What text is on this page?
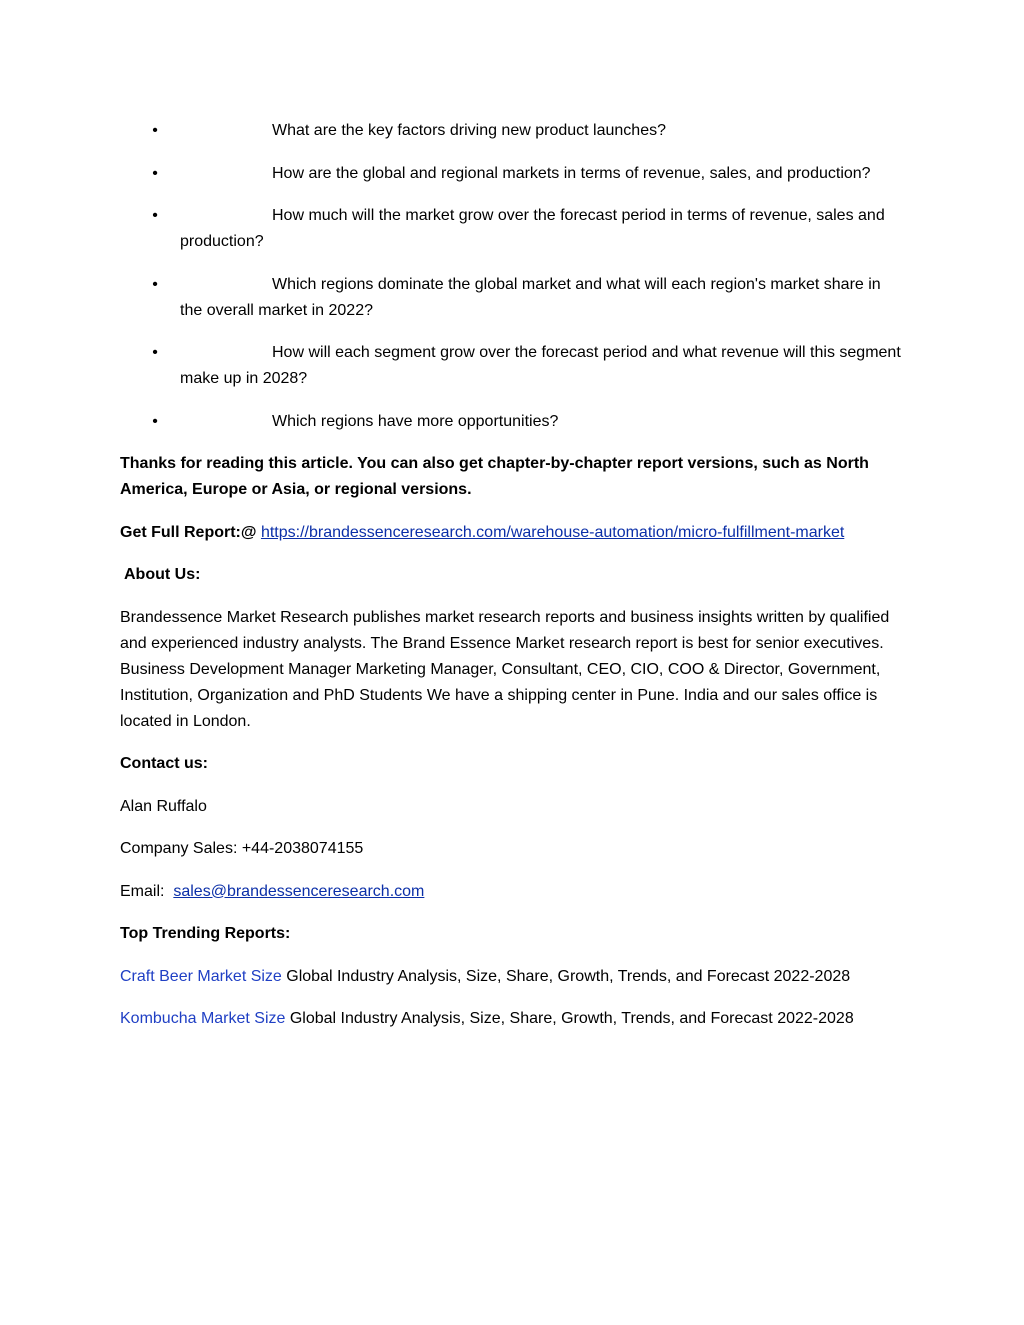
•	What are the key factors driving new product launches?
•	How are the global and regional markets in terms of revenue, sales, and production?
•	How much will the market grow over the forecast period in terms of revenue, sales and production?
•	Which regions dominate the global market and what will each region's market share in the overall market in 2022?
•	How will each segment grow over the forecast period and what revenue will this segment make up in 2028?
•	Which regions have more opportunities?

Thanks for reading this article. You can also get chapter-by-chapter report versions, such as North America, Europe or Asia, or regional versions.

Get Full Report:@ https://brandessenceresearch.com/warehouse-automation/micro-fulfillment-market

About Us:

Brandessence Market Research publishes market research reports and business insights written by qualified and experienced industry analysts. The Brand Essence Market research report is best for senior executives. Business Development Manager Marketing Manager, Consultant, CEO, CIO, COO & Director, Government, Institution, Organization and PhD Students We have a shipping center in Pune. India and our sales office is located in London.

Contact us:

Alan Ruffalo

Company Sales: +44-2038074155

Email: sales@brandessenceresearch.com

Top Trending Reports:

Craft Beer Market Size Global Industry Analysis, Size, Share, Growth, Trends, and Forecast 2022-2028

Kombucha Market Size Global Industry Analysis, Size, Share, Growth, Trends, and Forecast 2022-2028
